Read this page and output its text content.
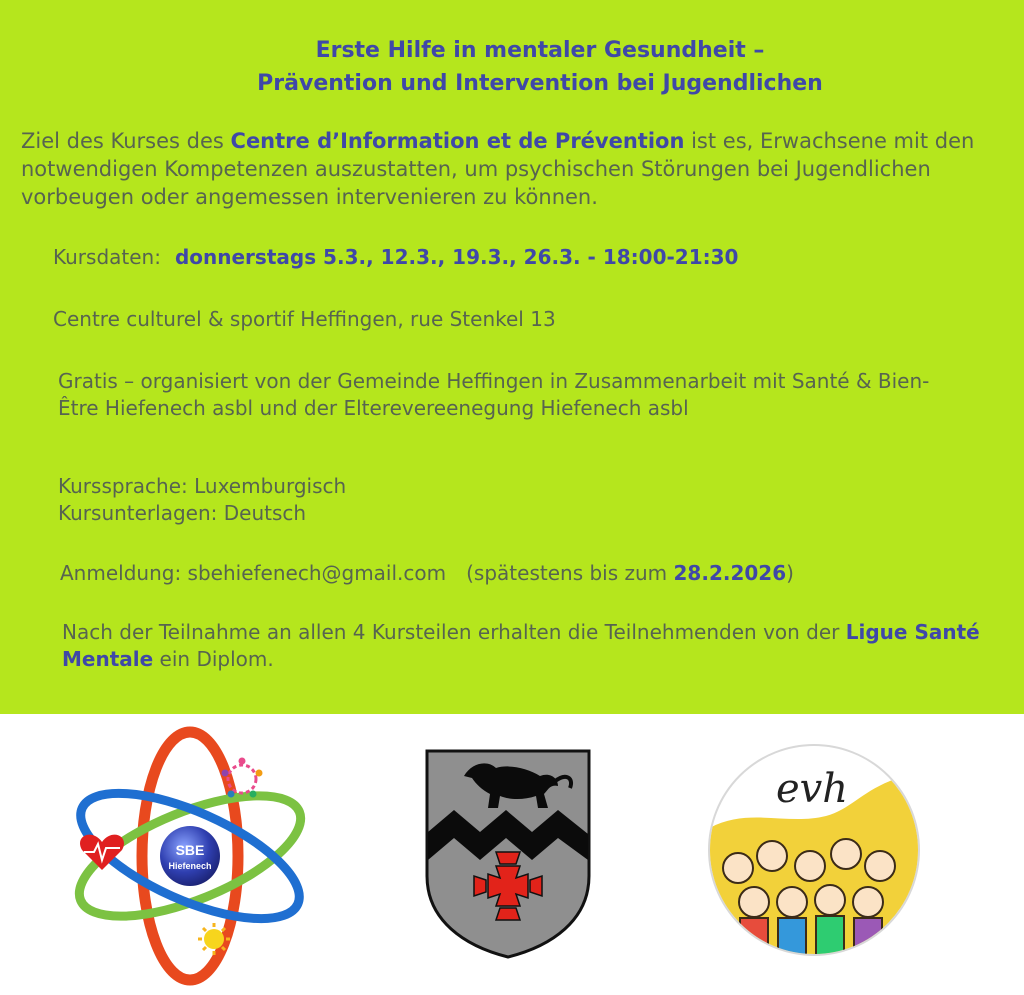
Erste Hilfe in mentaler Gesundheit –
Prävention und Intervention bei Jugendlichen
Ziel des Kurses des Centre d’Information et de Prévention ist es, Erwachsene mit den notwendigen Kompetenzen auszustatten, um psychischen Störungen bei Jugendlichen vorbeugen oder angemessen intervenieren zu können.
Kursdaten: donnerstags 5.3., 12.3., 19.3., 26.3. - 18:00-21:30
Centre culturel & sportif Heffingen, rue Stenkel 13
Gratis – organisiert von der Gemeinde Heffingen in Zusammenarbeit mit Santé & Bien-Être Hiefenech asbl und der Elterevereenegung Hiefenech asbl
Kurssprache: Luxemburgisch
Kursunterlagen: Deutsch
Anmeldung: sbehiefenech@gmail.com (spätestens bis zum 28.2.2026)
Nach der Teilnahme an allen 4 Kursteilen erhalten die Teilnehmenden von der Ligue Santé Mentale ein Diplom.
SBE
Hiefenech
evh
